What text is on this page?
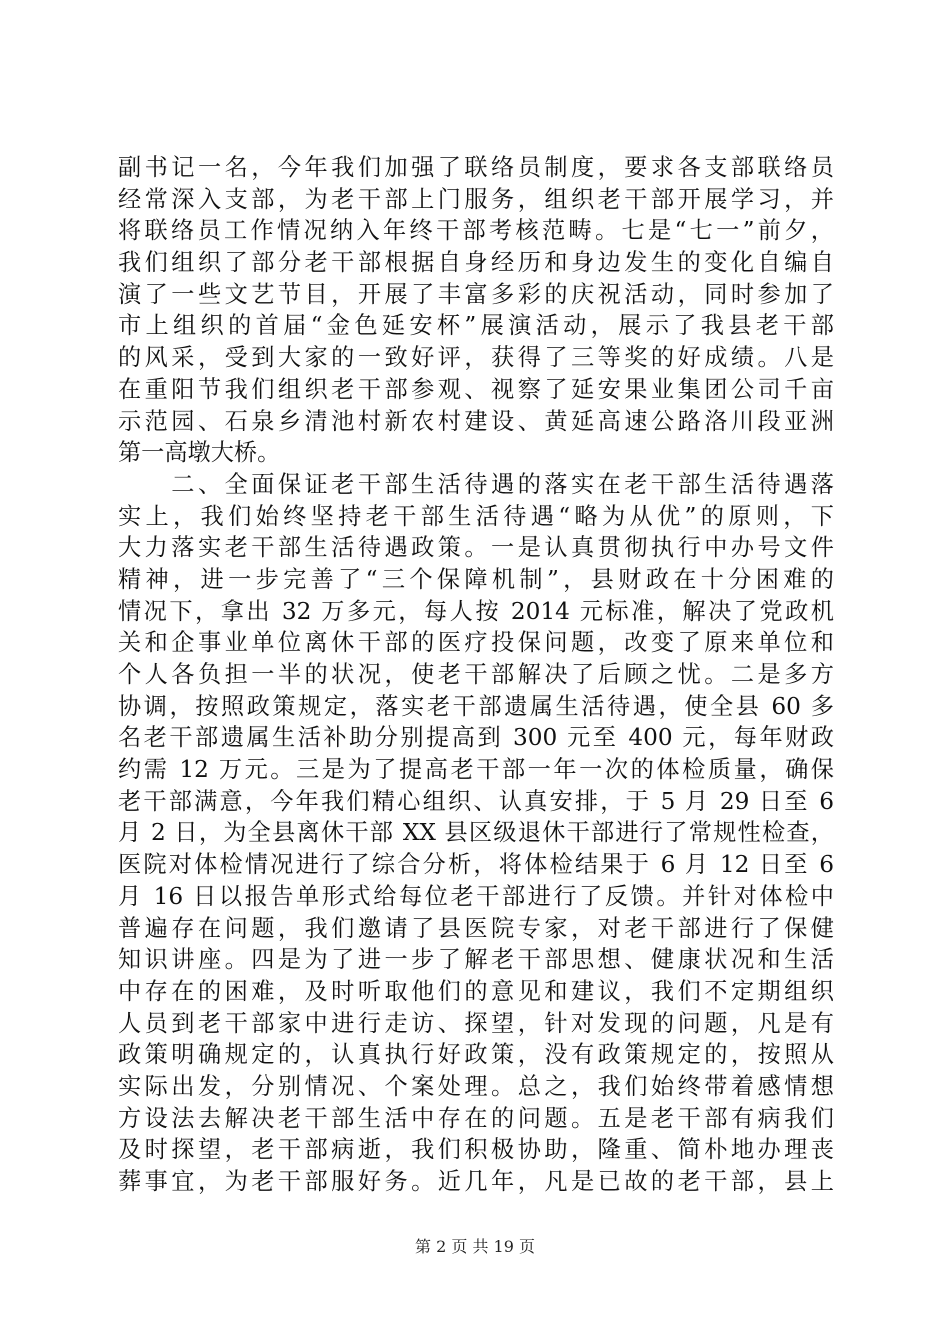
副书记一名，今年我们加强了联络员制度，要求各支部联络员
经常深入支部，为老干部上门服务，组织老干部开展学习，并
将联络员工作情况纳入年终干部考核范畴。七是“七一”前夕，
我们组织了部分老干部根据自身经历和身边发生的变化自编自
演了一些文艺节目，开展了丰富多彩的庆祝活动，同时参加了
市上组织的首届“金色延安杯”展演活动，展示了我县老干部
的风采，受到大家的一致好评，获得了三等奖的好成绩。八是
在重阳节我们组织老干部参观、视察了延安果业集团公司千亩
示范园、石泉乡清池村新农村建设、黄延高速公路洛川段亚洲
第一高墩大桥。
　　二、全面保证老干部生活待遇的落实在老干部生活待遇落
实上，我们始终坚持老干部生活待遇“略为从优”的原则，下
大力落实老干部生活待遇政策。一是认真贯彻执行中办号文件
精神，进一步完善了“三个保障机制”，县财政在十分困难的
情况下，拿出 32 万多元，每人按 2014 元标准，解决了党政机
关和企事业单位离休干部的医疗投保问题，改变了原来单位和
个人各负担一半的状况，使老干部解决了后顾之忧。二是多方
协调，按照政策规定，落实老干部遗属生活待遇，使全县 60 多
名老干部遗属生活补助分别提高到 300 元至 400 元，每年财政
约需 12 万元。三是为了提高老干部一年一次的体检质量，确保
老干部满意，今年我们精心组织、认真安排，于 5 月 29 日至 6
月 2 日，为全县离休干部 XX 县区级退休干部进行了常规性检查，
医院对体检情况进行了综合分析，将体检结果于 6 月 12 日至 6
月 16 日以报告单形式给每位老干部进行了反馈。并针对体检中
普遍存在问题，我们邀请了县医院专家，对老干部进行了保健
知识讲座。四是为了进一步了解老干部思想、健康状况和生活
中存在的困难，及时听取他们的意见和建议，我们不定期组织
人员到老干部家中进行走访、探望，针对发现的问题，凡是有
政策明确规定的，认真执行好政策，没有政策规定的，按照从
实际出发，分别情况、个案处理。总之，我们始终带着感情想
方设法去解决老干部生活中存在的问题。五是老干部有病我们
及时探望，老干部病逝，我们积极协助，隆重、简朴地办理丧
葬事宜，为老干部服好务。近几年，凡是已故的老干部，县上
第 2 页 共 19 页
